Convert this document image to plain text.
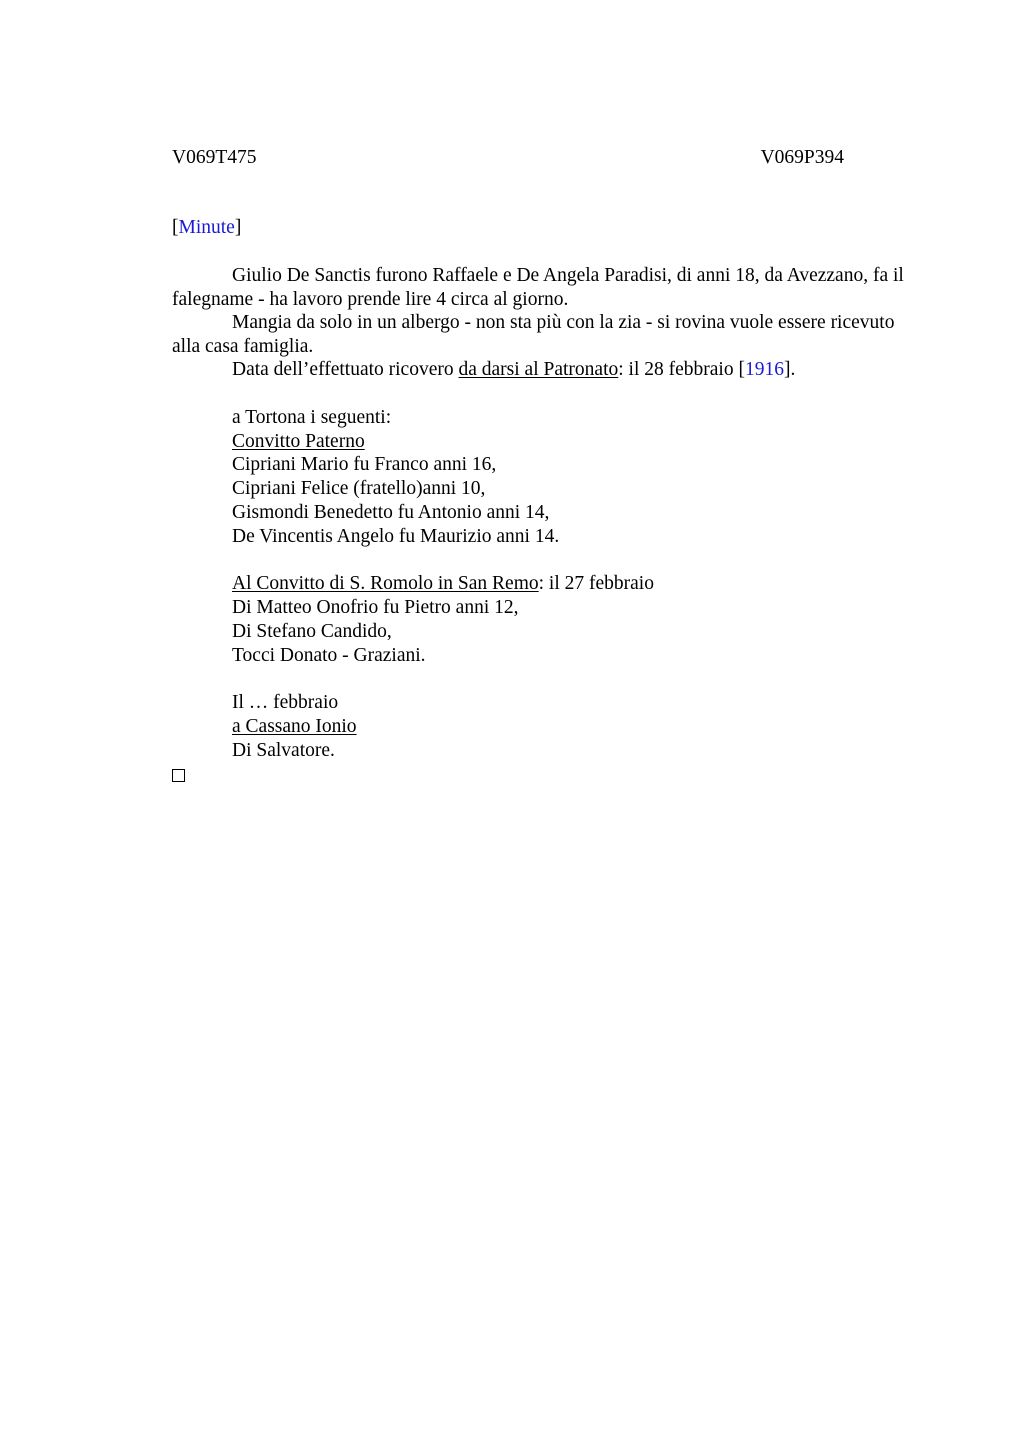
V069T475	V069P394
[Minute]

Giulio De Sanctis furono Raffaele e De Angela Paradisi, di anni 18, da Avezzano, fa il falegname - ha lavoro prende lire 4 circa al giorno.

Mangia da solo in un albergo - non sta più con la zia - si rovina vuole essere ricevuto alla casa famiglia.

Data dell’effettuato ricovero da darsi al Patronato: il 28 febbraio [1916].

a Tortona i seguenti:

Convitto Paterno

Cipriani Mario fu Franco anni 16,

Cipriani Felice (fratello)anni 10,

Gismondi Benedetto fu Antonio anni 14,

De Vincentis Angelo fu Maurizio anni 14.

Al Convitto di S. Romolo in San Remo: il 27 febbraio

Di Matteo Onofrio fu Pietro anni 12,

Di Stefano Candido,

Tocci Donato - Graziani.

Il … febbraio

a Cassano Ionio

Di Salvatore.
